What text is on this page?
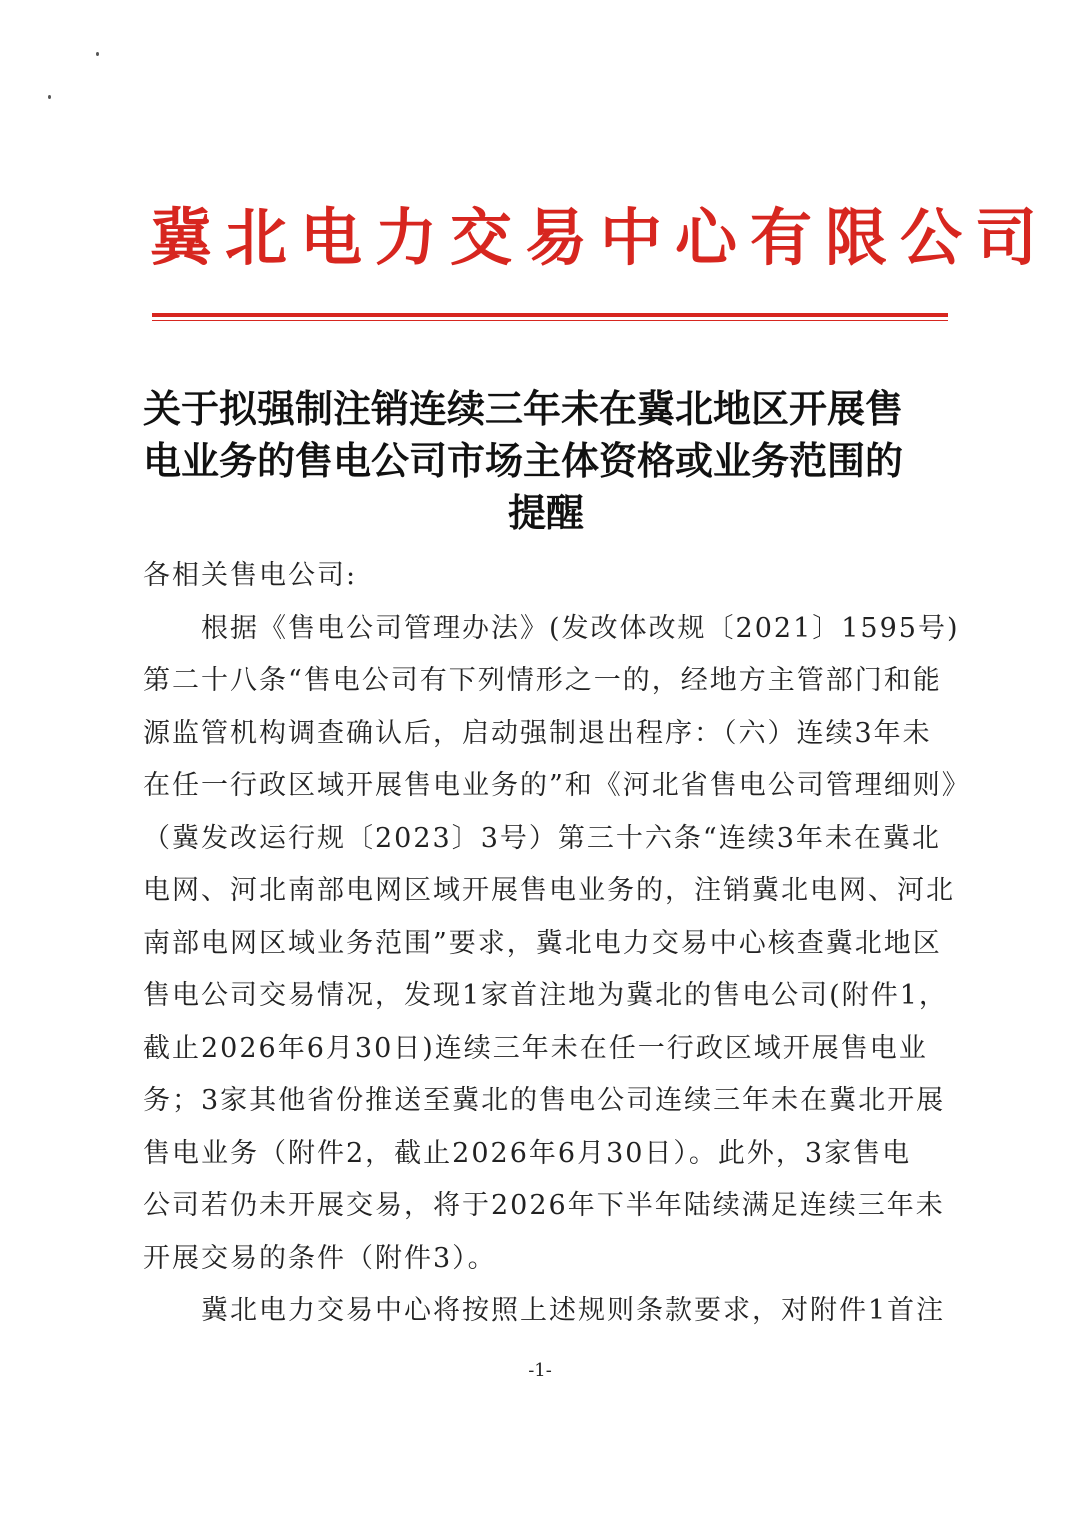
冀北电力交易中心有限公司
关于拟强制注销连续三年未在冀北地区开展售
电业务的售电公司市场主体资格或业务范围的
提醒
各相关售电公司:
　　根据《售电公司管理办法》(发改体改规〔2021〕1595号)
第二十八条“售电公司有下列情形之一的，经地方主管部门和能
源监管机构调查确认后，启动强制退出程序：（六）连续3年未
在任一行政区域开展售电业务的”和《河北省售电公司管理细则》
（冀发改运行规〔2023〕3号）第三十六条“连续3年未在冀北
电网、河北南部电网区域开展售电业务的，注销冀北电网、河北
南部电网区域业务范围”要求，冀北电力交易中心核查冀北地区
售电公司交易情况，发现1家首注地为冀北的售电公司(附件1，
截止2026年6月30日)连续三年未在任一行政区域开展售电业
务；3家其他省份推送至冀北的售电公司连续三年未在冀北开展
售电业务（附件2，截止2026年6月30日）。此外，3家售电
公司若仍未开展交易，将于2026年下半年陆续满足连续三年未
开展交易的条件（附件3）。
　　冀北电力交易中心将按照上述规则条款要求，对附件1首注
-1-
